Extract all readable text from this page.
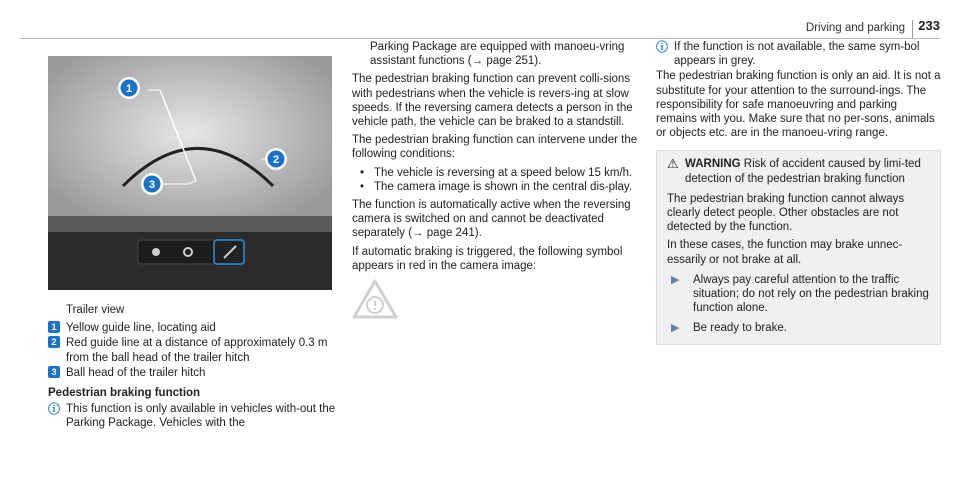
Driving and parking 233
1
2
3

Trailer view

1 Yellow guide line, locating aid
2 Red guide line at a distance of approximately 0.3 m from the ball head of the trailer hitch
3 Ball head of the trailer hitch

Pedestrian braking function

ⓘ This function is only available in vehicles with-out the Parking Package. Vehicles with the

Parking Package are equipped with manoeu-vring assistant functions (→ page 251).

The pedestrian braking function can prevent colli-sions with pedestrians when the vehicle is revers-ing at slow speeds. If the reversing camera detects a person in the vehicle path, the vehicle can be braked to a standstill.

The pedestrian braking function can intervene under the following conditions:

• The vehicle is reversing at a speed below 15 km/h.
• The camera image is shown in the central dis-play.

The function is automatically active when the reversing camera is switched on and cannot be deactivated separately (→ page 241).

If automatic braking is triggered, the following symbol appears in red in the camera image:

ⓘ If the function is not available, the same sym-bol appears in grey.

The pedestrian braking function is only an aid. It is not a substitute for your attention to the surround-ings. The responsibility for safe manoeuvring and parking remains with you. Make sure that no per-sons, animals or objects etc. are in the manoeu-vring range.

⚠ WARNING Risk of accident caused by limi-ted detection of the pedestrian braking function

The pedestrian braking function cannot always clearly detect people. Other obstacles are not detected by the function.

In these cases, the function may brake unnec-essarily or not brake at all.

▶	Always pay careful attention to the traffic situation; do not rely on the pedestrian braking function alone.
▶	Be ready to brake.
